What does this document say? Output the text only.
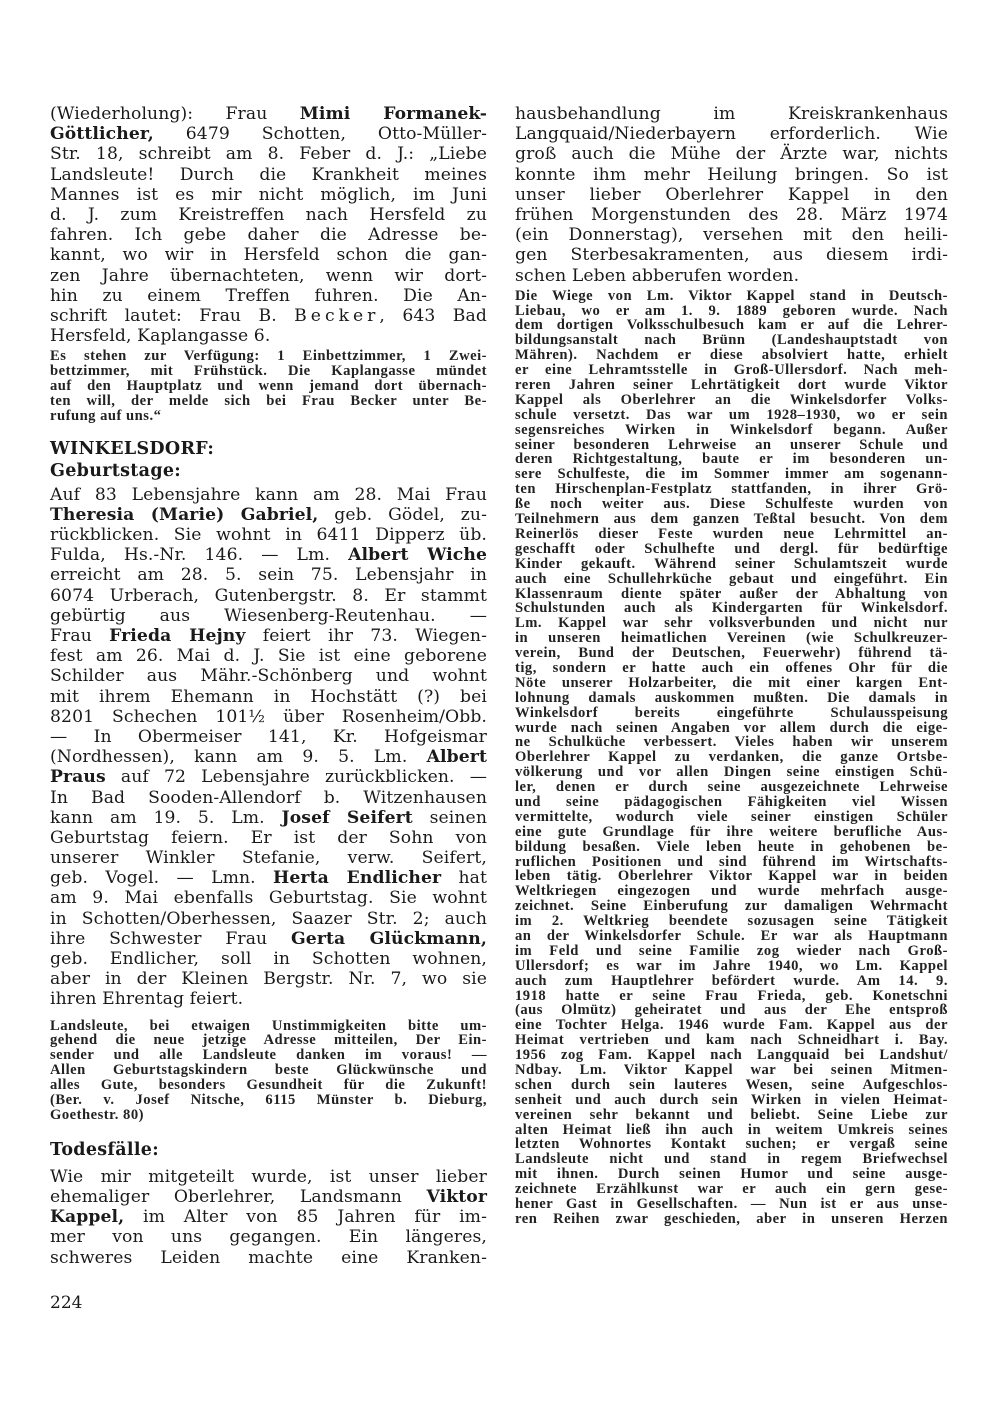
(Wiederholung): Frau Mimi Formanek-
Göttlicher, 6479 Schotten, Otto-Müller-
Str. 18, schreibt am 8. Feber d. J.: „Liebe
Landsleute! Durch die Krankheit meines
Mannes ist es mir nicht möglich, im Juni
d. J. zum Kreistreffen nach Hersfeld zu
fahren. Ich gebe daher die Adresse be-
kannt, wo wir in Hersfeld schon die gan-
zen Jahre übernachteten, wenn wir dort-
hin zu einem Treffen fuhren. Die An-
schrift lautet: Frau B. Becker, 643 Bad
Hersfeld, Kaplangasse 6.
Es stehen zur Verfügung: 1 Einbettzimmer, 1 Zwei-
bettzimmer, mit Frühstück. Die Kaplangasse mündet
auf den Hauptplatz und wenn jemand dort übernach-
ten will, der melde sich bei Frau Becker unter Be-
rufung auf uns.“
WINKELSDORF:
Geburtstage:
Auf 83 Lebensjahre kann am 28. Mai Frau
Theresia (Marie) Gabriel, geb. Gödel, zu-
rückblicken. Sie wohnt in 6411 Dipperz üb.
Fulda, Hs.-Nr. 146. — Lm. Albert Wiche
erreicht am 28. 5. sein 75. Lebensjahr in
6074 Urberach, Gutenbergstr. 8. Er stammt
gebürtig aus Wiesenberg-Reutenhau. —
Frau Frieda Hejny feiert ihr 73. Wiegen-
fest am 26. Mai d. J. Sie ist eine geborene
Schilder aus Mähr.-Schönberg und wohnt
mit ihrem Ehemann in Hochstätt (?) bei
8201 Schechen 101½ über Rosenheim/Obb.
— In Obermeiser 141, Kr. Hofgeismar
(Nordhessen), kann am 9. 5. Lm. Albert
Praus auf 72 Lebensjahre zurückblicken. —
In Bad Sooden-Allendorf b. Witzenhausen
kann am 19. 5. Lm. Josef Seifert seinen
Geburtstag feiern. Er ist der Sohn von
unserer Winkler Stefanie, verw. Seifert,
geb. Vogel. — Lmn. Herta Endlicher hat
am 9. Mai ebenfalls Geburtstag. Sie wohnt
in Schotten/Oberhessen, Saazer Str. 2; auch
ihre Schwester Frau Gerta Glückmann,
geb. Endlicher, soll in Schotten wohnen,
aber in der Kleinen Bergstr. Nr. 7, wo sie
ihren Ehrentag feiert.
Landsleute, bei etwaigen Unstimmigkeiten bitte um-
gehend die neue jetzige Adresse mitteilen, Der Ein-
sender und alle Landsleute danken im voraus! —
Allen Geburtstagskindern beste Glückwünsche und
alles Gute, besonders Gesundheit für die Zukunft!
(Ber. v. Josef Nitsche, 6115 Münster b. Dieburg,
Goethestr. 80)
Todesfälle:
Wie mir mitgeteilt wurde, ist unser lieber
ehemaliger Oberlehrer, Landsmann Viktor
Kappel, im Alter von 85 Jahren für im-
mer von uns gegangen. Ein längeres,
schweres Leiden machte eine Kranken-
hausbehandlung im Kreiskrankenhaus
Langquaid/Niederbayern erforderlich. Wie
groß auch die Mühe der Ärzte war, nichts
konnte ihm mehr Heilung bringen. So ist
unser lieber Oberlehrer Kappel in den
frühen Morgenstunden des 28. März 1974
(ein Donnerstag), versehen mit den heili-
gen Sterbesakramenten, aus diesem irdi-
schen Leben abberufen worden.
Die Wiege von Lm. Viktor Kappel stand in Deutsch-
Liebau, wo er am 1. 9. 1889 geboren wurde. Nach
dem dortigen Volksschulbesuch kam er auf die Lehrer-
bildungsanstalt nach Brünn (Landeshauptstadt von
Mähren). Nachdem er diese absolviert hatte, erhielt
er eine Lehramtsstelle in Groß-Ullersdorf. Nach meh-
reren Jahren seiner Lehrtätigkeit dort wurde Viktor
Kappel als Oberlehrer an die Winkelsdorfer Volks-
schule versetzt. Das war um 1928–1930, wo er sein
segensreiches Wirken in Winkelsdorf begann. Außer
seiner besonderen Lehrweise an unserer Schule und
deren Richtgestaltung, baute er im besonderen un-
sere Schulfeste, die im Sommer immer am sogenann-
ten Hirschenplan-Festplatz stattfanden, in ihrer Grö-
ße noch weiter aus. Diese Schulfeste wurden von
Teilnehmern aus dem ganzen Teßtal besucht. Von dem
Reinerlös dieser Feste wurden neue Lehrmittel an-
geschafft oder Schulhefte und dergl. für bedürftige
Kinder gekauft. Während seiner Schulamtszeit wurde
auch eine Schullehrküche gebaut und eingeführt. Ein
Klassenraum diente später außer der Abhaltung von
Schulstunden auch als Kindergarten für Winkelsdorf.
Lm. Kappel war sehr volksverbunden und nicht nur
in unseren heimatlichen Vereinen (wie Schulkreuzer-
verein, Bund der Deutschen, Feuerwehr) führend tä-
tig, sondern er hatte auch ein offenes Ohr für die
Nöte unserer Holzarbeiter, die mit einer kargen Ent-
lohnung damals auskommen mußten. Die damals in
Winkelsdorf bereits eingeführte Schulausspeisung
wurde nach seinen Angaben vor allem durch die eige-
ne Schulküche verbessert. Vieles haben wir unserem
Oberlehrer Kappel zu verdanken, die ganze Ortsbe-
völkerung und vor allen Dingen seine einstigen Schü-
ler, denen er durch seine ausgezeichnete Lehrweise
und seine pädagogischen Fähigkeiten viel Wissen
vermittelte, wodurch viele seiner einstigen Schüler
eine gute Grundlage für ihre weitere berufliche Aus-
bildung besaßen. Viele leben heute in gehobenen be-
ruflichen Positionen und sind führend im Wirtschafts-
leben tätig. Oberlehrer Viktor Kappel war in beiden
Weltkriegen eingezogen und wurde mehrfach ausge-
zeichnet. Seine Einberufung zur damaligen Wehrmacht
im 2. Weltkrieg beendete sozusagen seine Tätigkeit
an der Winkelsdorfer Schule. Er war als Hauptmann
im Feld und seine Familie zog wieder nach Groß-
Ullersdorf; es war im Jahre 1940, wo Lm. Kappel
auch zum Hauptlehrer befördert wurde. Am 14. 9.
1918 hatte er seine Frau Frieda, geb. Konetschni
(aus Olmütz) geheiratet und aus der Ehe entsproß
eine Tochter Helga. 1946 wurde Fam. Kappel aus der
Heimat vertrieben und kam nach Schneidhart i. Bay.
1956 zog Fam. Kappel nach Langquaid bei Landshut/
Ndbay. Lm. Viktor Kappel war bei seinen Mitmen-
schen durch sein lauteres Wesen, seine Aufgeschlos-
senheit und auch durch sein Wirken in vielen Heimat-
vereinen sehr bekannt und beliebt. Seine Liebe zur
alten Heimat ließ ihn auch in weitem Umkreis seines
letzten Wohnortes Kontakt suchen; er vergaß seine
Landsleute nicht und stand in regem Briefwechsel
mit ihnen. Durch seinen Humor und seine ausge-
zeichnete Erzählkunst war er auch ein gern gese-
hener Gast in Gesellschaften. — Nun ist er aus unse-
ren Reihen zwar geschieden, aber in unseren Herzen
224
